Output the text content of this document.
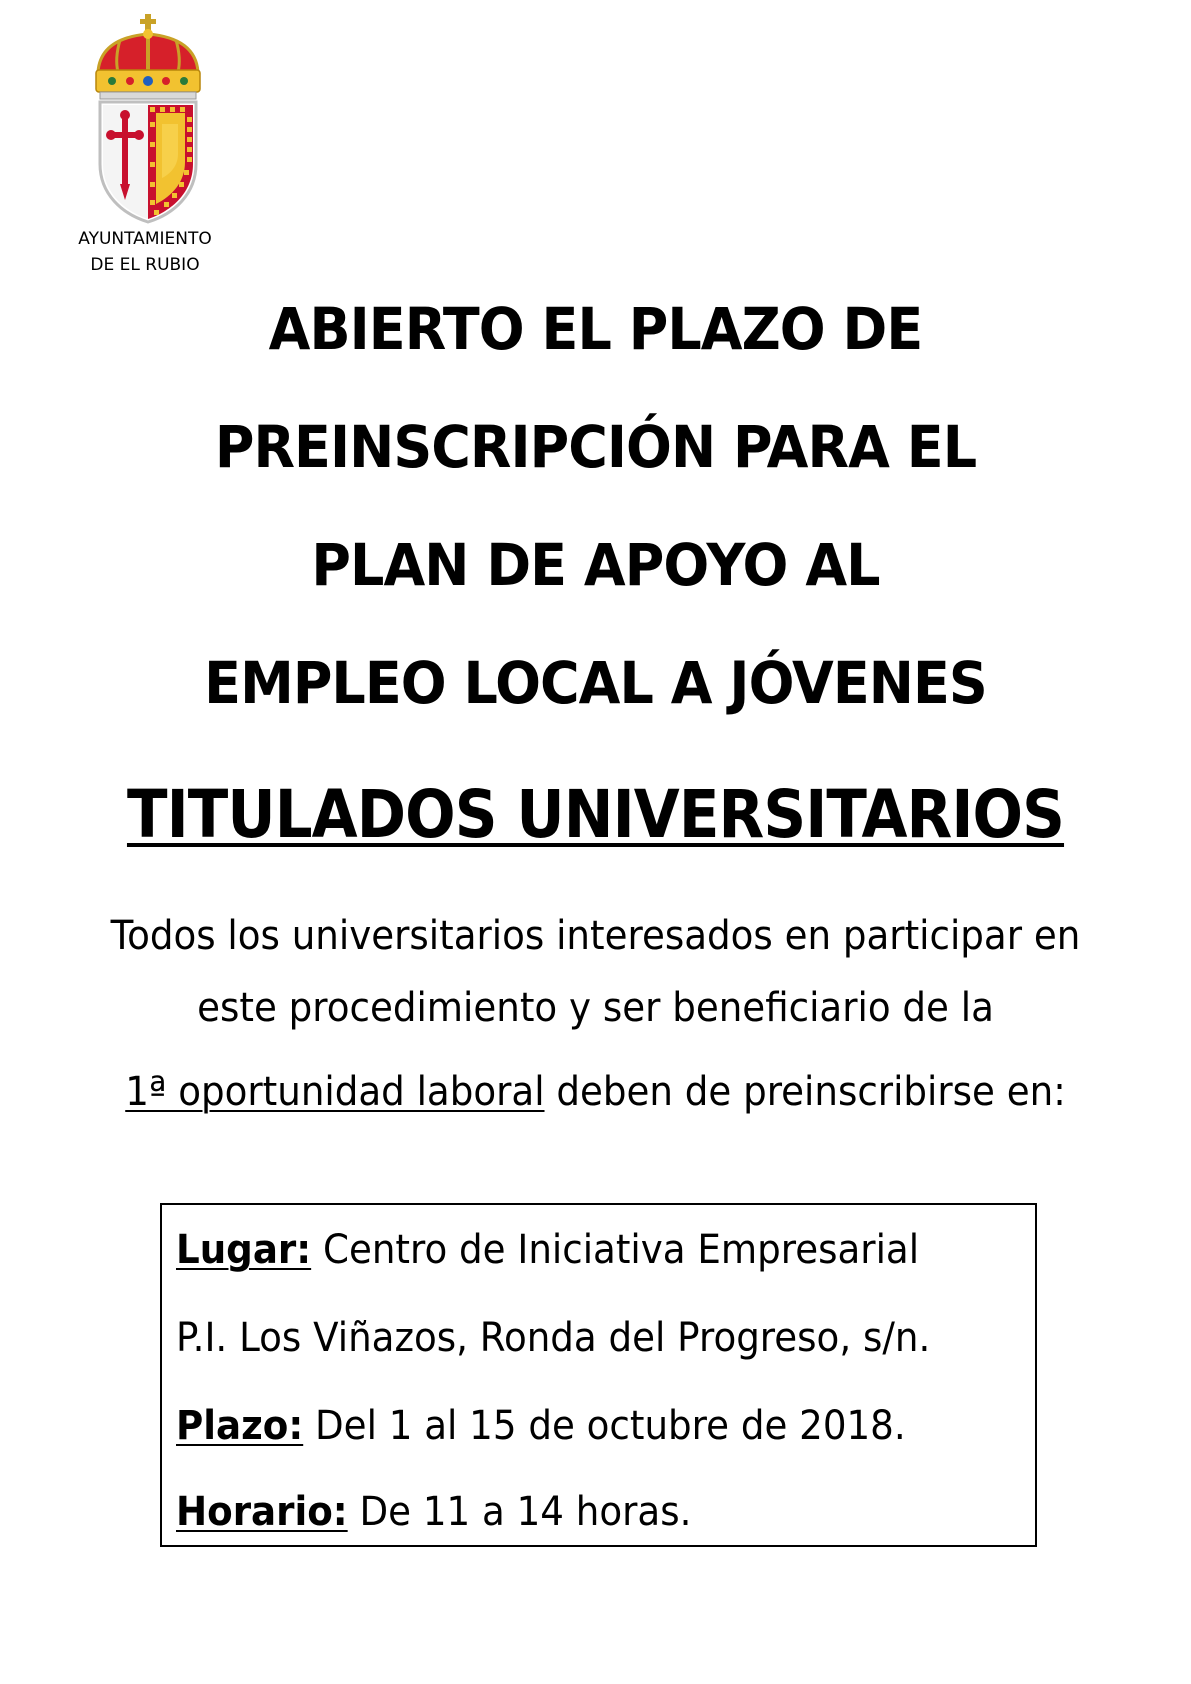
AYUNTAMIENTO
DE EL RUBIO
ABIERTO EL PLAZO DE
PREINSCRIPCIÓN PARA EL
PLAN DE APOYO AL
EMPLEO LOCAL A JÓVENES
TITULADOS UNIVERSITARIOS
Todos los universitarios interesados en participar en
este procedimiento y ser beneficiario de la
1ª oportunidad laboral deben de preinscribirse en:
Lugar: Centro de Iniciativa Empresarial
P.I. Los Viñazos, Ronda del Progreso, s/n.
Plazo: Del 1 al 15 de octubre de 2018.
Horario: De 11 a 14 horas.
